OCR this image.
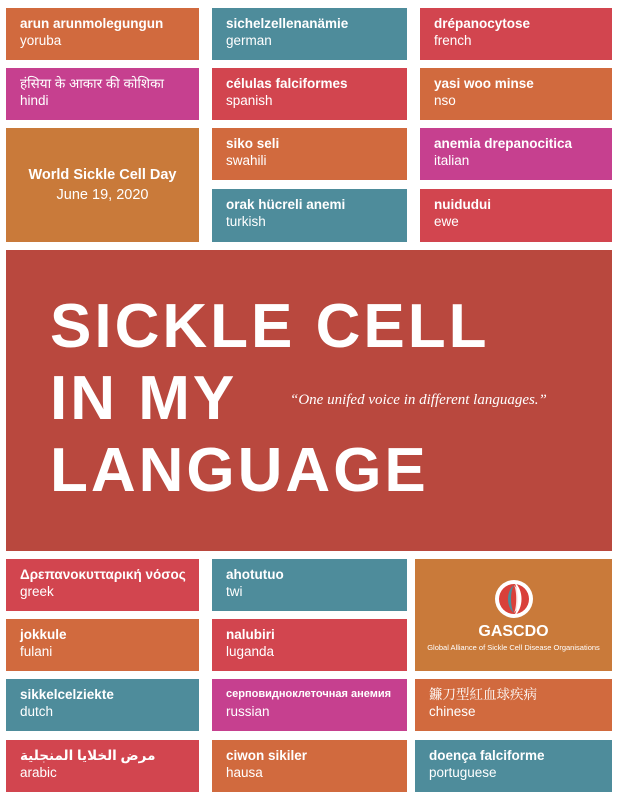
arun arunmolegungun
yoruba
sichelzellenanämie
german
drépanocytose
french
हंसिया के आकार की कोशिका
hindi
células falciformes
spanish
yasi woo minse
nso
World Sickle Cell Day
June 19, 2020
siko seli
swahili
anemia drepanocitica
italian
orak hücreli anemi
turkish
nuidudui
ewe
SICKLE CELL
IN MY
LANGUAGE
“One unifed voice in different languages.”
Δρεπανοκυτταρική νόσος
greek
ahotutuo
twi
GASCDO
Global Alliance of Sickle Cell Disease Organisations
jokkule
fulani
nalubiri
luganda
sikkelcelziekte
dutch
серповидноклеточная анемия
russian
鐮刀型紅血球疾病
chinese
مرض الخلايا المنجلية
arabic
ciwon sikiler
hausa
doença falciforme
portuguese
